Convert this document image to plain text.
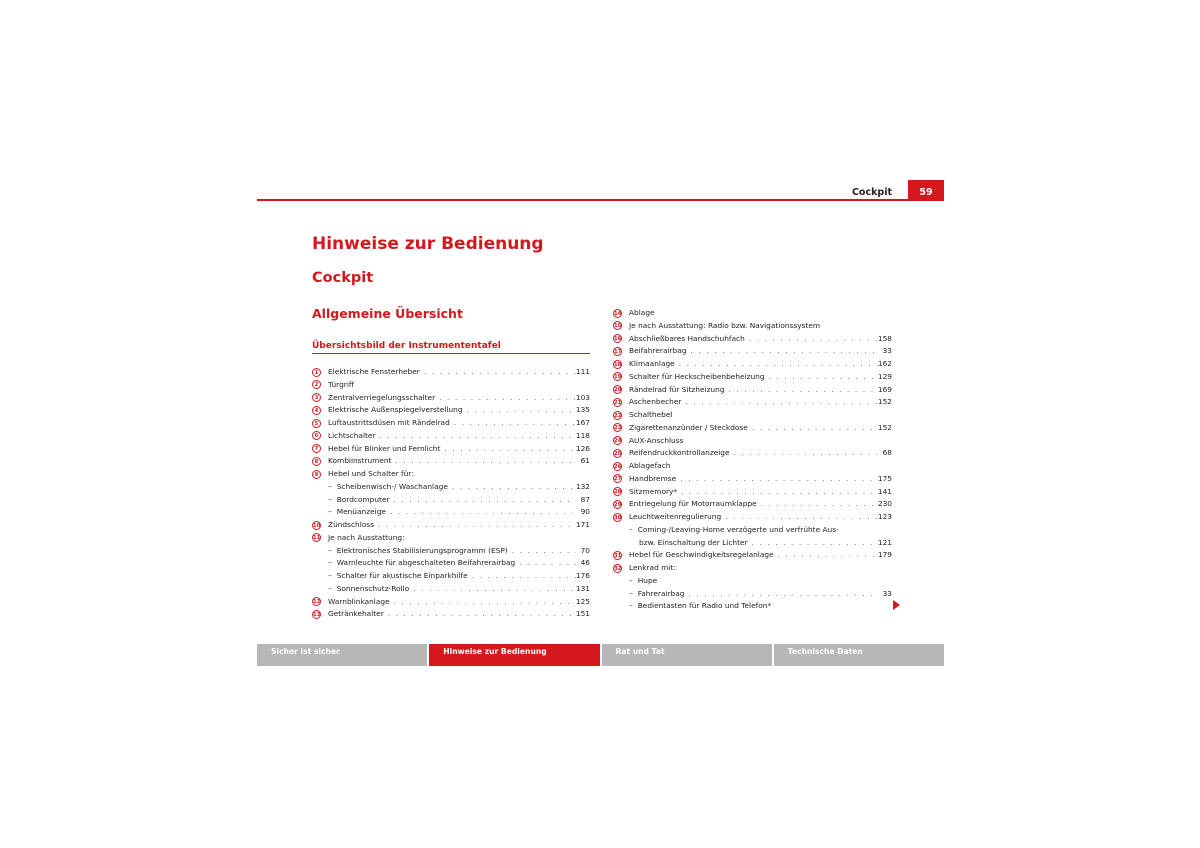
Cockpit	59
Hinweise zur Bedienung
Cockpit
Allgemeine Übersicht
Übersichtsbild der Instrumententafel
1	Elektrische Fensterheber . . .	111
2	Türgriff
3	Zentralverriegelungsschalter . . .	103
4	Elektrische Außenspiegelverstellung . . .	135
5	Luftaustrittsdüsen mit Rändelrad . . .	167
6	Lichtschalter . . .	118
7	Hebel für Blinker und Fernlicht . . .	126
8	Kombiinstrument . . .	61
9	Hebel und Schalter für:
– Scheibenwisch-/ Waschanlage . . .	132
– Bordcomputer . . .	87
– Menüanzeige . . .	90
10	Zündschloss . . .	171
11	Je nach Ausstattung:
– Elektronisches Stabilisierungsprogramm (ESP) . . .	70
– Warnleuchte für abgeschalteten Beifahrerairbag . . .	46
– Schalter für akustische Einparkhilfe . . .	176
– Sonnenschutz-Rollo . . .	131
12	Warnblinkanlage . . .	125
13	Getränkehalter . . .	151
14	Ablage
15	Je nach Ausstattung: Radio bzw. Navigationssystem
16	Abschließbares Handschuhfach . . .	158
17	Beifahrerairbag . . .	33
18	Klimaanlage . . .	162
19	Schalter für Heckscheibenbeheizung . . .	129
20	Rändelrad für Sitzheizung . . .	169
21	Aschenbecher . . .	152
22	Schalthebel
23	Zigarettenanzünder / Steckdose . . .	152
24	AUX-Anschluss
25	Reifendruckkontrollanzeige . . .	68
26	Ablagefach
27	Handbremse . . .	175
28	Sitzmemory* . . .	141
29	Entriegelung für Motorraumklappe . . .	230
30	Leuchtweitenregulierung . . .	123
– Coming-/Leaving-Home verzögerte und verfrühte Aus-
bzw. Einschaltung der Lichter . . .	121
31	Hebel für Geschwindigkeitsregelanlage . . .	179
32	Lenkrad mit:
– Hupe
– Fahrerairbag . . .	33
– Bedientasten für Radio und Telefon*
Sicher ist sicher	Hinweise zur Bedienung	Rat und Tat	Technische Daten
